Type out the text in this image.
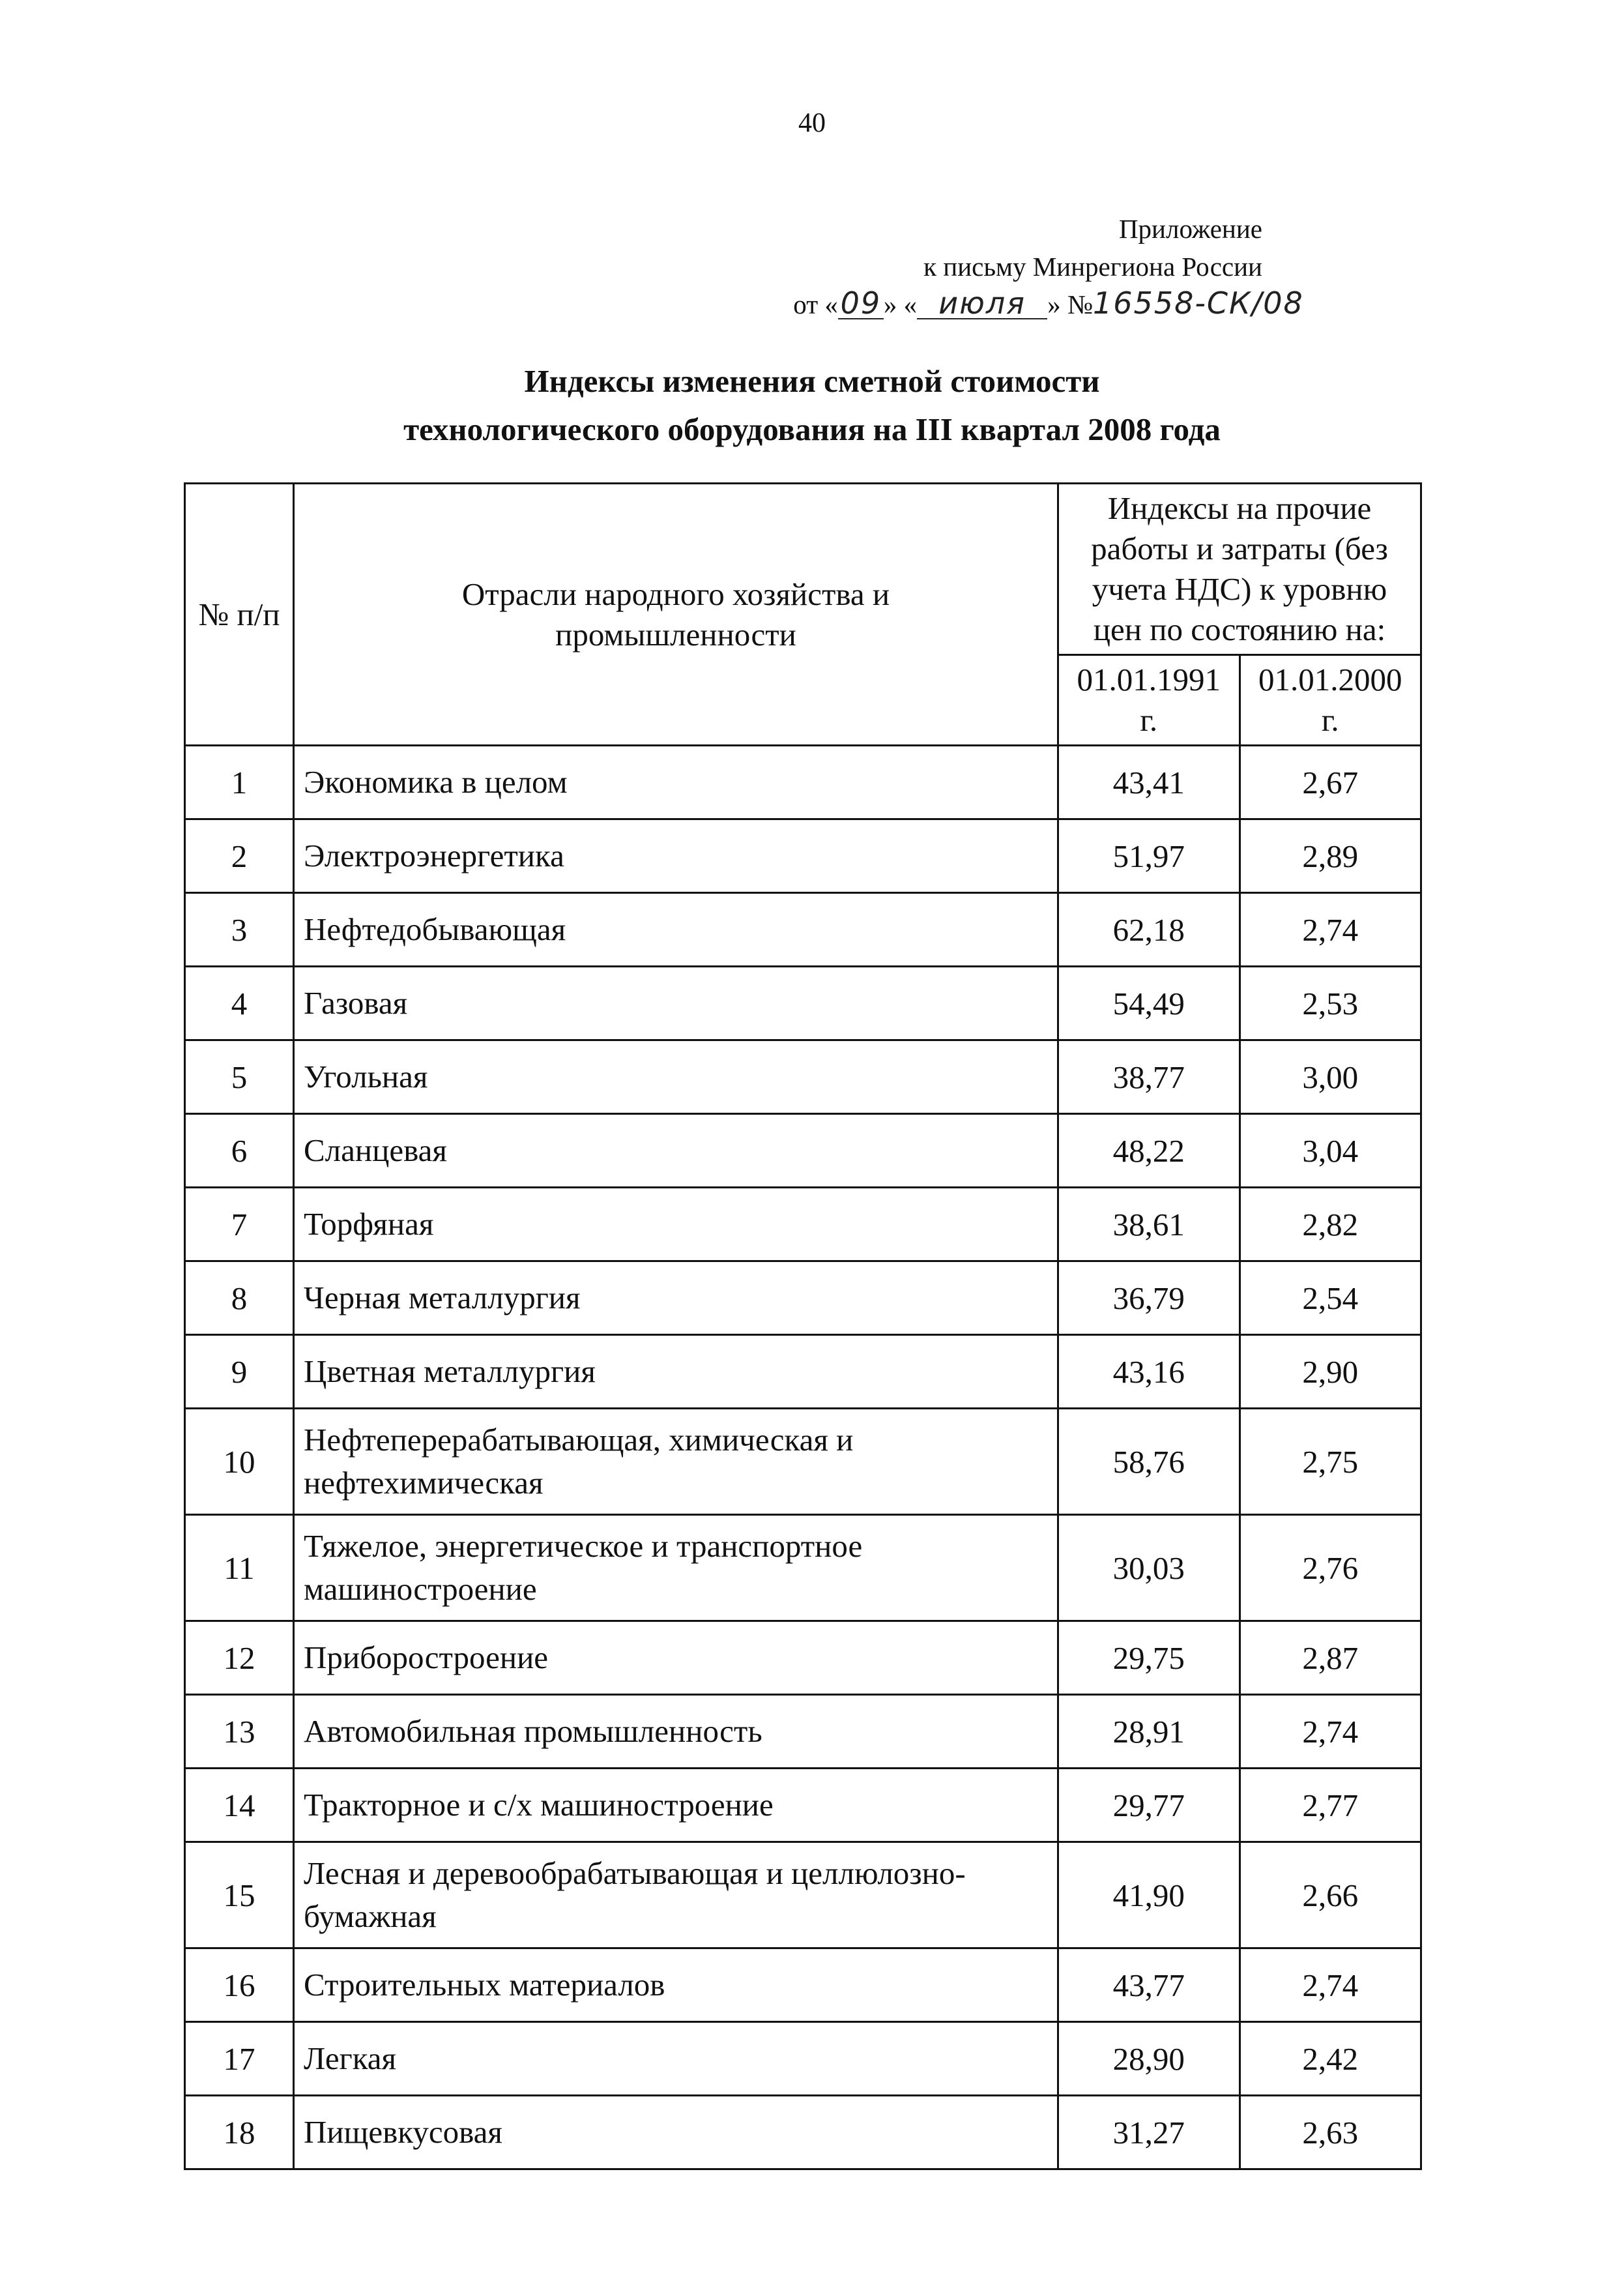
40
Приложение
к письму Минрегиона России
от «09» « июля » №16558-СК/08
Индексы изменения сметной стоимости
технологического оборудования на III квартал 2008 года
№ п/п	Отрасли народного хозяйства и промышленности	Индексы на прочие работы и затраты (без учета НДС) к уровню цен по состоянию на:	
		01.01.1991 г.	01.01.2000 г.
1	Экономика в целом	43,41	2,67
2	Электроэнергетика	51,97	2,89
3	Нефтедобывающая	62,18	2,74
4	Газовая	54,49	2,53
5	Угольная	38,77	3,00
6	Сланцевая	48,22	3,04
7	Торфяная	38,61	2,82
8	Черная металлургия	36,79	2,54
9	Цветная металлургия	43,16	2,90
10	Нефтеперерабатывающая, химическая и нефтехимическая	58,76	2,75
11	Тяжелое, энергетическое и транспортное машиностроение	30,03	2,76
12	Приборостроение	29,75	2,87
13	Автомобильная промышленность	28,91	2,74
14	Тракторное и с/х машиностроение	29,77	2,77
15	Лесная и деревообрабатывающая и целлюлозно-бумажная	41,90	2,66
16	Строительных материалов	43,77	2,74
17	Легкая	28,90	2,42
18	Пищевкусовая	31,27	2,63
